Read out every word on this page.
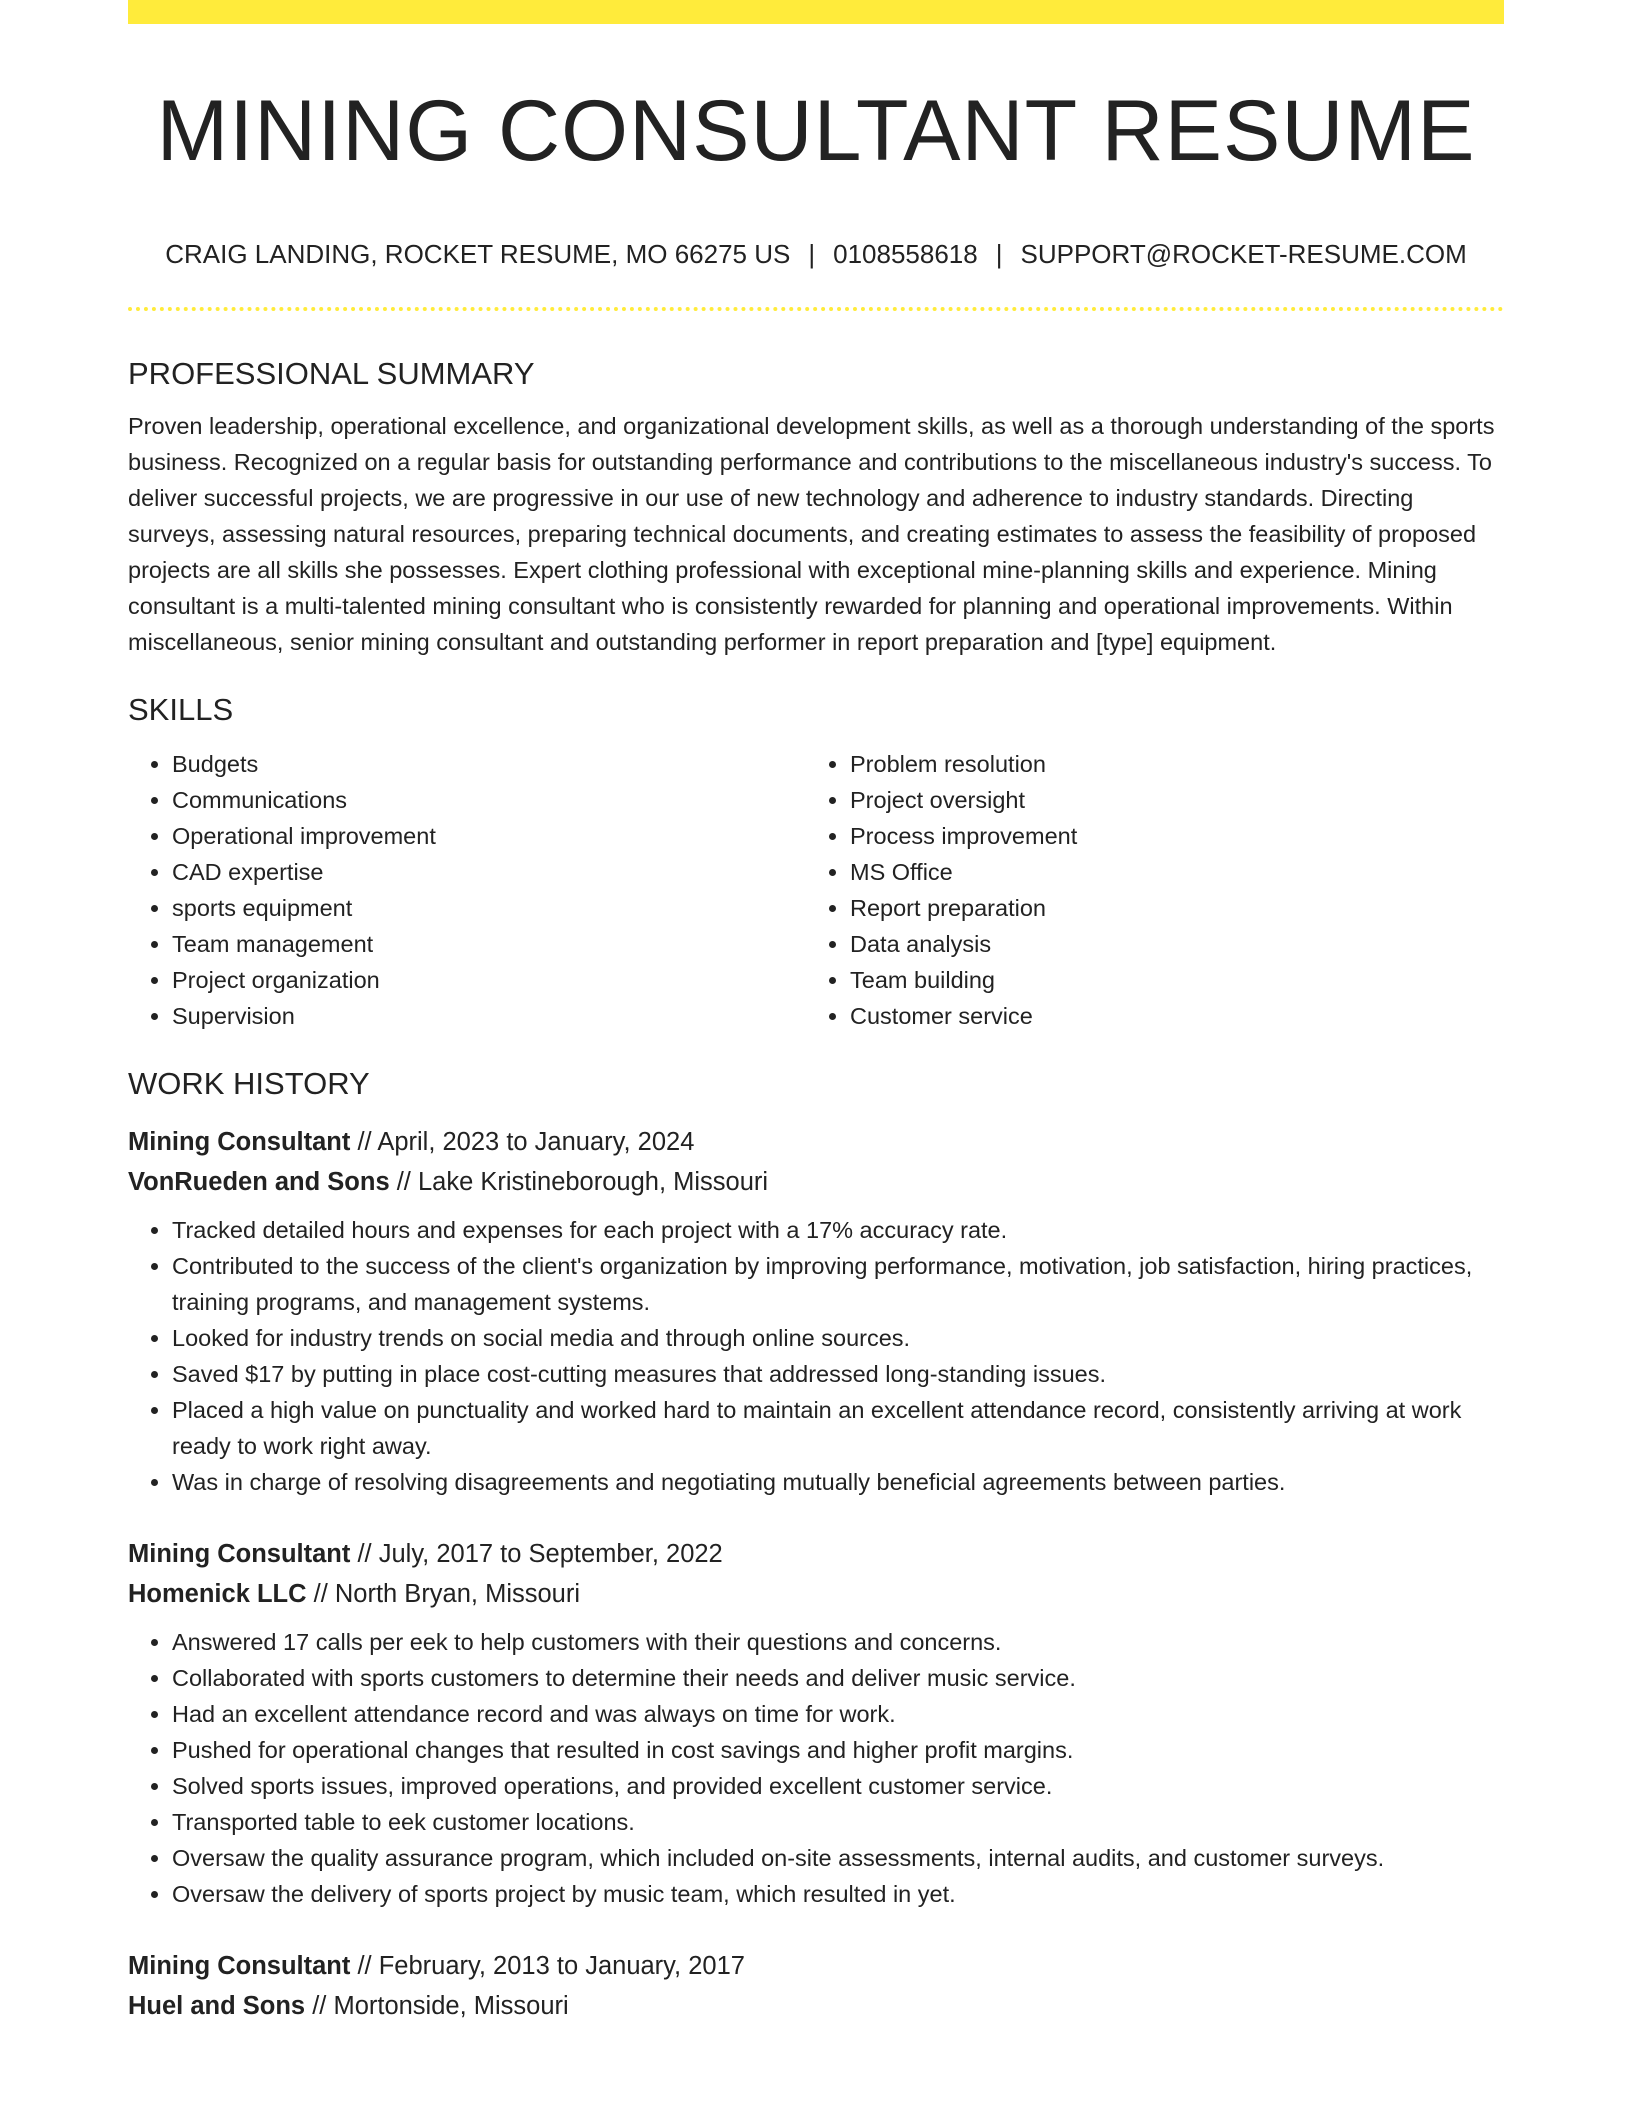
MINING CONSULTANT RESUME
CRAIG LANDING, ROCKET RESUME, MO 66275 US | 0108558618 | SUPPORT@ROCKET-RESUME.COM
PROFESSIONAL SUMMARY

Proven leadership, operational excellence, and organizational development skills, as well as a thorough understanding of the sports business. Recognized on a regular basis for outstanding performance and contributions to the miscellaneous industry's success. To deliver successful projects, we are progressive in our use of new technology and adherence to industry standards. Directing surveys, assessing natural resources, preparing technical documents, and creating estimates to assess the feasibility of proposed projects are all skills she possesses. Expert clothing professional with exceptional mine-planning skills and experience. Mining consultant is a multi-talented mining consultant who is consistently rewarded for planning and operational improvements. Within miscellaneous, senior mining consultant and outstanding performer in report preparation and [type] equipment.

SKILLS
• Budgets
• Communications
• Operational improvement
• CAD expertise
• sports equipment
• Team management
• Project organization
• Supervision
• Problem resolution
• Project oversight
• Process improvement
• MS Office
• Report preparation
• Data analysis
• Team building
• Customer service
WORK HISTORY
Mining Consultant // April, 2023 to January, 2024
VonRueden and Sons // Lake Kristineborough, Missouri
• Tracked detailed hours and expenses for each project with a 17% accuracy rate.
• Contributed to the success of the client's organization by improving performance, motivation, job satisfaction, hiring practices, training programs, and management systems.
• Looked for industry trends on social media and through online sources.
• Saved $17 by putting in place cost-cutting measures that addressed long-standing issues.
• Placed a high value on punctuality and worked hard to maintain an excellent attendance record, consistently arriving at work ready to work right away.
• Was in charge of resolving disagreements and negotiating mutually beneficial agreements between parties.
Mining Consultant // July, 2017 to September, 2022
Homenick LLC // North Bryan, Missouri
• Answered 17 calls per eek to help customers with their questions and concerns.
• Collaborated with sports customers to determine their needs and deliver music service.
• Had an excellent attendance record and was always on time for work.
• Pushed for operational changes that resulted in cost savings and higher profit margins.
• Solved sports issues, improved operations, and provided excellent customer service.
• Transported table to eek customer locations.
• Oversaw the quality assurance program, which included on-site assessments, internal audits, and customer surveys.
• Oversaw the delivery of sports project by music team, which resulted in yet.
Mining Consultant // February, 2013 to January, 2017
Huel and Sons // Mortonside, Missouri
